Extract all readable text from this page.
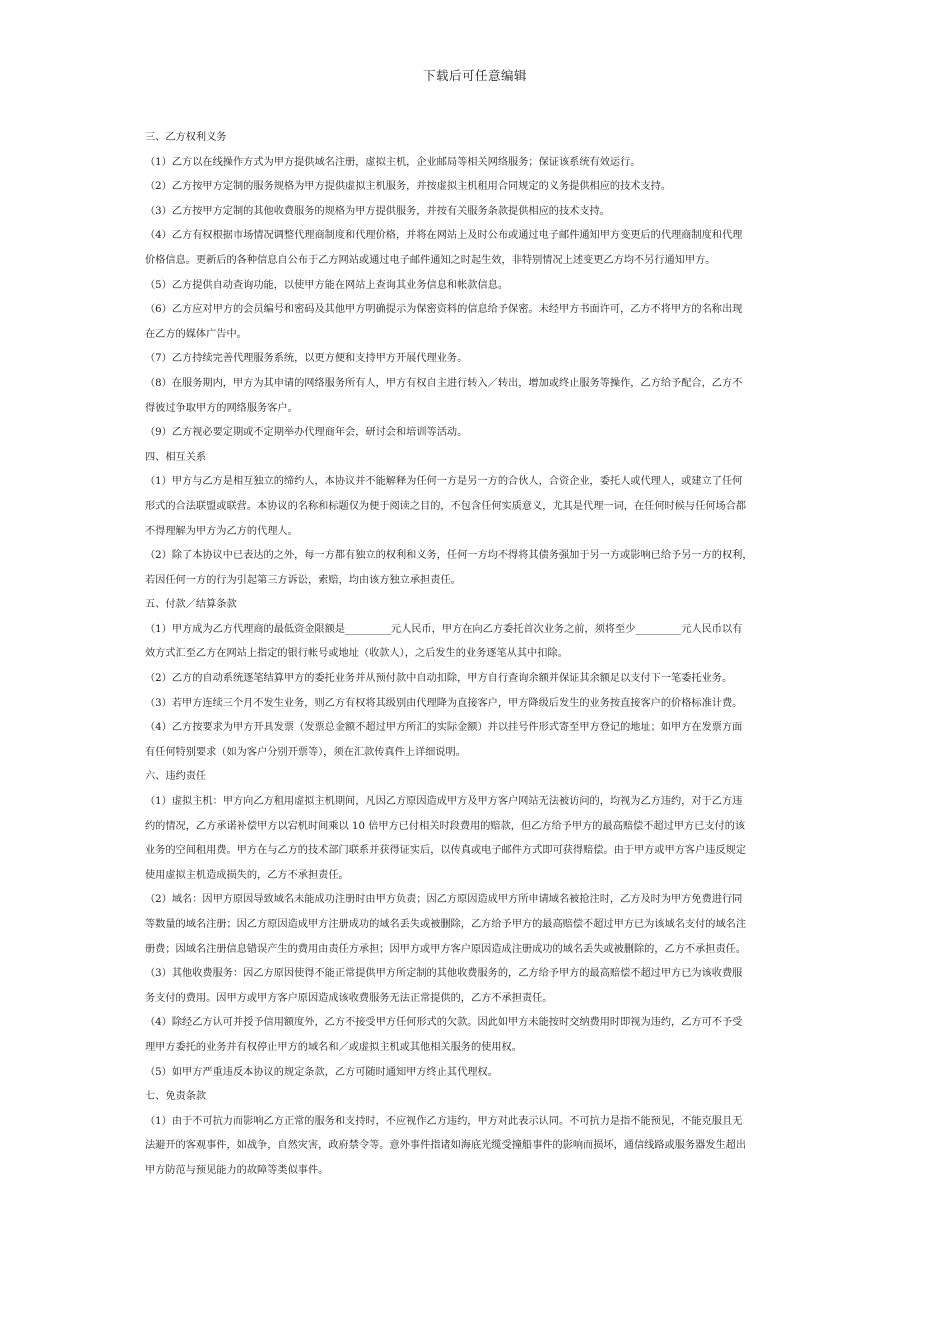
下载后可任意编辑
三、乙方权利义务
（1）乙方以在线操作方式为甲方提供域名注册，虚拟主机，企业邮局等相关网络服务；保证该系统有效运行。
（2）乙方按甲方定制的服务规格为甲方提供虚拟主机服务，并按虚拟主机租用合同规定的义务提供相应的技术支持。
（3）乙方按甲方定制的其他收费服务的规格为甲方提供服务，并按有关服务条款提供相应的技术支持。
（4）乙方有权根据市场情况调整代理商制度和代理价格，并将在网站上及时公布或通过电子邮件通知甲方变更后的代理商制度和代理
价格信息。更新后的各种信息自公布于乙方网站或通过电子邮件通知之时起生效，非特别情况上述变更乙方均不另行通知甲方。
（5）乙方提供自动查询功能，以使甲方能在网站上查询其业务信息和帐款信息。
（6）乙方应对甲方的会员编号和密码及其他甲方明确提示为保密资料的信息给予保密。未经甲方书面许可，乙方不将甲方的名称出现
在乙方的媒体广告中。
（7）乙方持续完善代理服务系统，以更方便和支持甲方开展代理业务。
（8）在服务期内，甲方为其申请的网络服务所有人，甲方有权自主进行转入／转出，增加或终止服务等操作，乙方给予配合，乙方不
得彼过争取甲方的网络服务客户。
（9）乙方视必要定期或不定期举办代理商年会，研讨会和培训等活动。
四、相互关系
（1）甲方与乙方是相互独立的缔约人，本协议并不能解释为任何一方是另一方的合伙人，合资企业，委托人或代理人，或建立了任何
形式的合法联盟或联营。本协议的名称和标题仅为便于阅读之目的，不包含任何实质意义，尤其是代理一词，在任何时候与任何场合都
不得理解为甲方为乙方的代理人。
（2）除了本协议中已表达的之外，每一方都有独立的权利和义务，任何一方均不得将其债务强加于另一方或影响已给予另一方的权利，
若因任何一方的行为引起第三方诉讼，索赔，均由该方独立承担责任。
五、付款／结算条款
（1）甲方成为乙方代理商的最低资金限额是_________元人民币，甲方在向乙方委托首次业务之前，须将至少_________元人民币以有
效方式汇至乙方在网站上指定的银行帐号或地址（收款人），之后发生的业务逐笔从其中扣除。
（2）乙方的自动系统逐笔结算甲方的委托业务并从预付款中自动扣除，甲方自行查询余额并保证其余额足以支付下一笔委托业务。
（3）若甲方连续三个月不发生业务，则乙方有权将其级别由代理降为直接客户，甲方降级后发生的业务按直接客户的价格标准计费。
（4）乙方按要求为甲方开具发票（发票总金额不超过甲方所汇的实际金额）并以挂号件形式寄至甲方登记的地址；如甲方在发票方面
有任何特别要求（如为客户分别开票等），须在汇款传真件上详细说明。
六、违约责任
（1）虚拟主机：甲方向乙方租用虚拟主机期间，凡因乙方原因造成甲方及甲方客户网站无法被访问的，均视为乙方违约，对于乙方违
约的情况，乙方承诺补偿甲方以宕机时间乘以 10 倍甲方已付相关时段费用的赔款，但乙方给予甲方的最高赔偿不超过甲方已支付的该
业务的空间租用费。甲方在与乙方的技术部门联系并获得证实后，以传真或电子邮件方式即可获得赔偿。由于甲方或甲方客户违反规定
使用虚拟主机造成损失的，乙方不承担责任。
（2）域名：因甲方原因导致域名未能成功注册时由甲方负责；因乙方原因造成甲方所申请域名被抢注时，乙方及时为甲方免费进行同
等数量的域名注册；因乙方原因造成甲方注册成功的域名丢失或被删除，乙方给予甲方的最高赔偿不超过甲方已为该域名支付的域名注
册费；因域名注册信息错误产生的费用由责任方承担；因甲方或甲方客户原因造成注册成功的域名丢失或被删除的，乙方不承担责任。
（3）其他收费服务：因乙方原因使得不能正常提供甲方所定制的其他收费服务的，乙方给予甲方的最高赔偿不超过甲方已为该收费服
务支付的费用。因甲方或甲方客户原因造成该收费服务无法正常提供的，乙方不承担责任。
（4）除经乙方认可并授予信用额度外，乙方不接受甲方任何形式的欠款。因此如甲方未能按时交纳费用时即视为违约，乙方可不予受
理甲方委托的业务并有权停止甲方的域名和／或虚拟主机或其他相关服务的使用权。
（5）如甲方严重违反本协议的规定条款，乙方可随时通知甲方终止其代理权。
七、免责条款
（1）由于不可抗力而影响乙方正常的服务和支持时，不应视作乙方违约，甲方对此表示认同。不可抗力是指不能预见，不能克服且无
法避开的客观事件，如战争，自然灾害，政府禁令等。意外事件指诸如海底光缆受撞船事件的影响而损坏，通信线路或服务器发生超出
甲方防范与预见能力的故障等类似事件。
